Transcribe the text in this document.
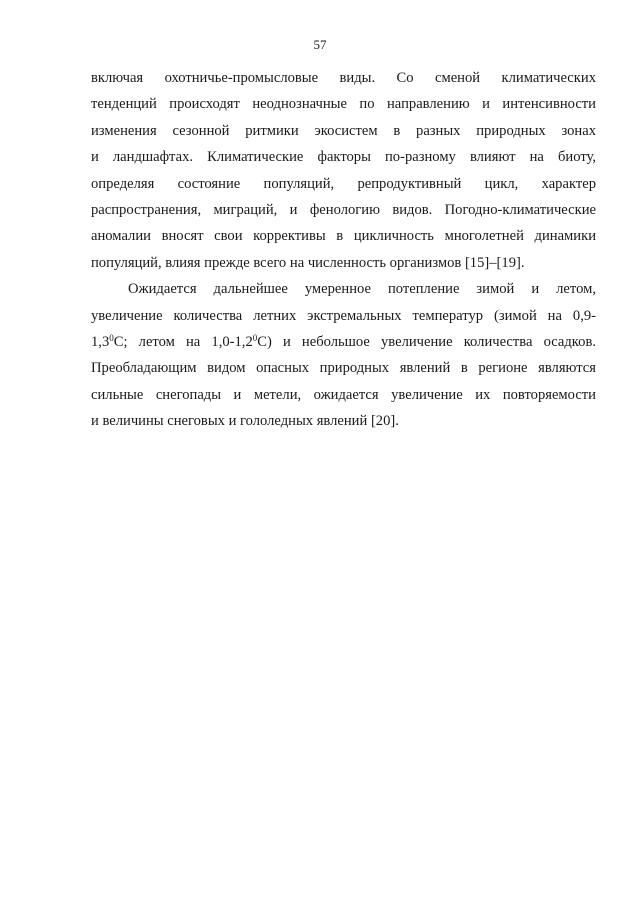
57
включая охотничье-промысловые виды. Со сменой климатических
тенденций происходят неоднозначные по направлению и интенсивности
изменения сезонной ритмики экосистем в разных природных зонах
и ландшафтах. Климатические факторы по-разному влияют на биоту,
определяя состояние популяций, репродуктивный цикл, характер
распространения, миграций, и фенологию видов. Погодно-климатические
аномалии вносят свои коррективы в цикличность многолетней динамики
популяций, влияя прежде всего на численность организмов [15]–[19].
Ожидается дальнейшее умеренное потепление зимой и летом,
увеличение количества летних экстремальных температур (зимой на 0,9-
$1,3^0С$; летом на $1,0-1,2^0С$) и небольшое увеличение количества осадков.
Преобладающим видом опасных природных явлений в регионе являются
сильные снегопады и метели, ожидается увеличение их повторяемости
и величины снеговых и гололедных явлений [20].
